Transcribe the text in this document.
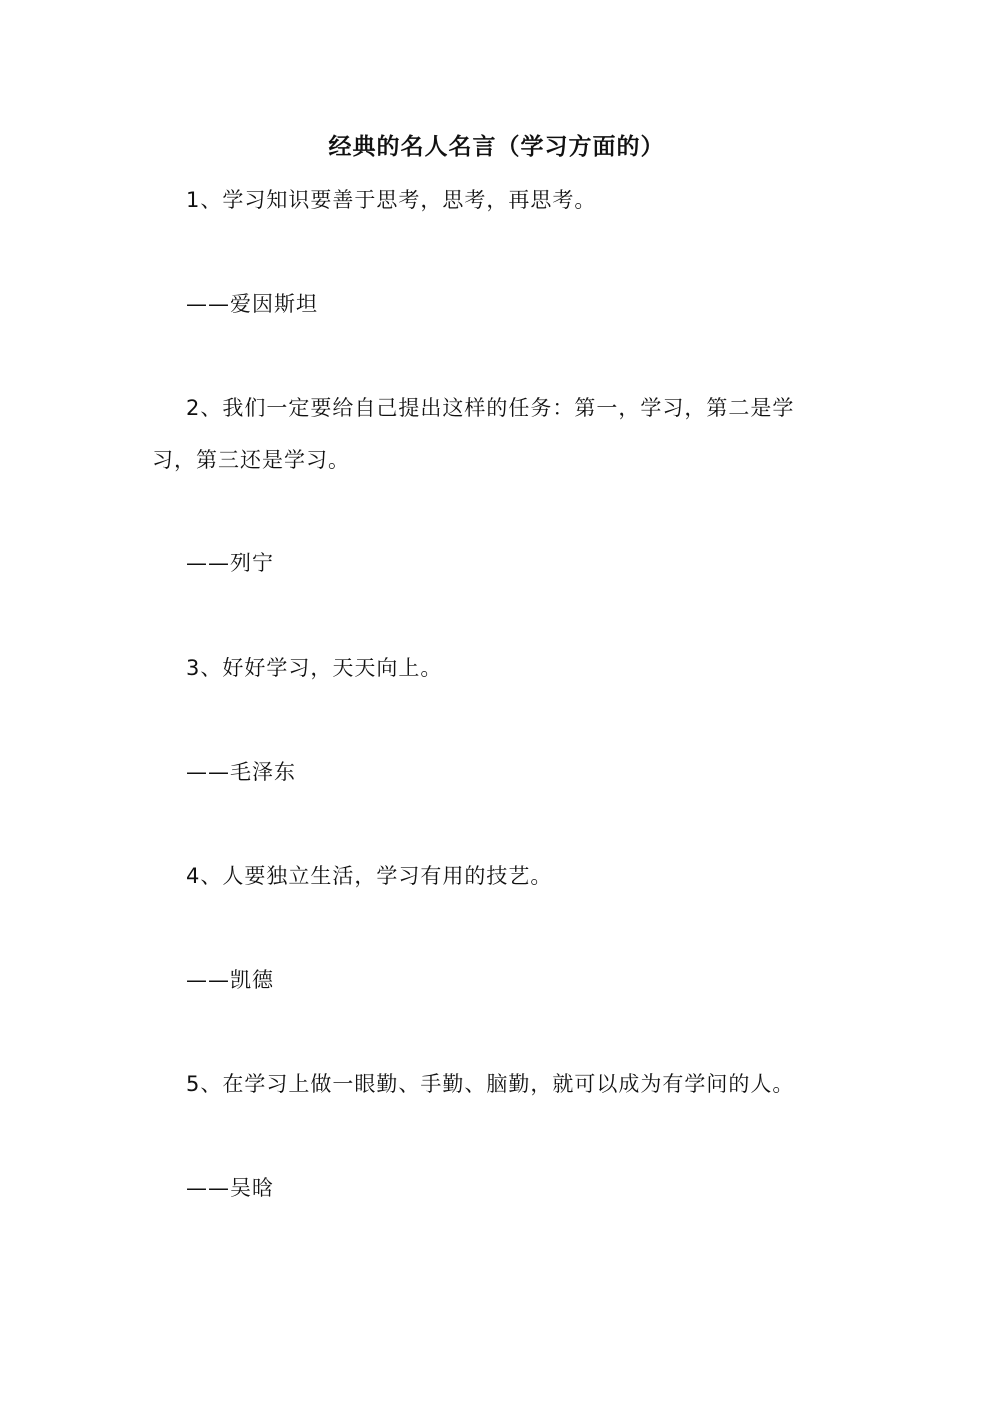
经典的名人名言（学习方面的）
1、学习知识要善于思考，思考，再思考。
——爱因斯坦
2、我们一定要给自己提出这样的任务：第一，学习，第二是学
习，第三还是学习。
——列宁
3、好好学习，天天向上。
——毛泽东
4、人要独立生活，学习有用的技艺。
——凯德
5、在学习上做一眼勤、手勤、脑勤，就可以成为有学问的人。
——吴晗
